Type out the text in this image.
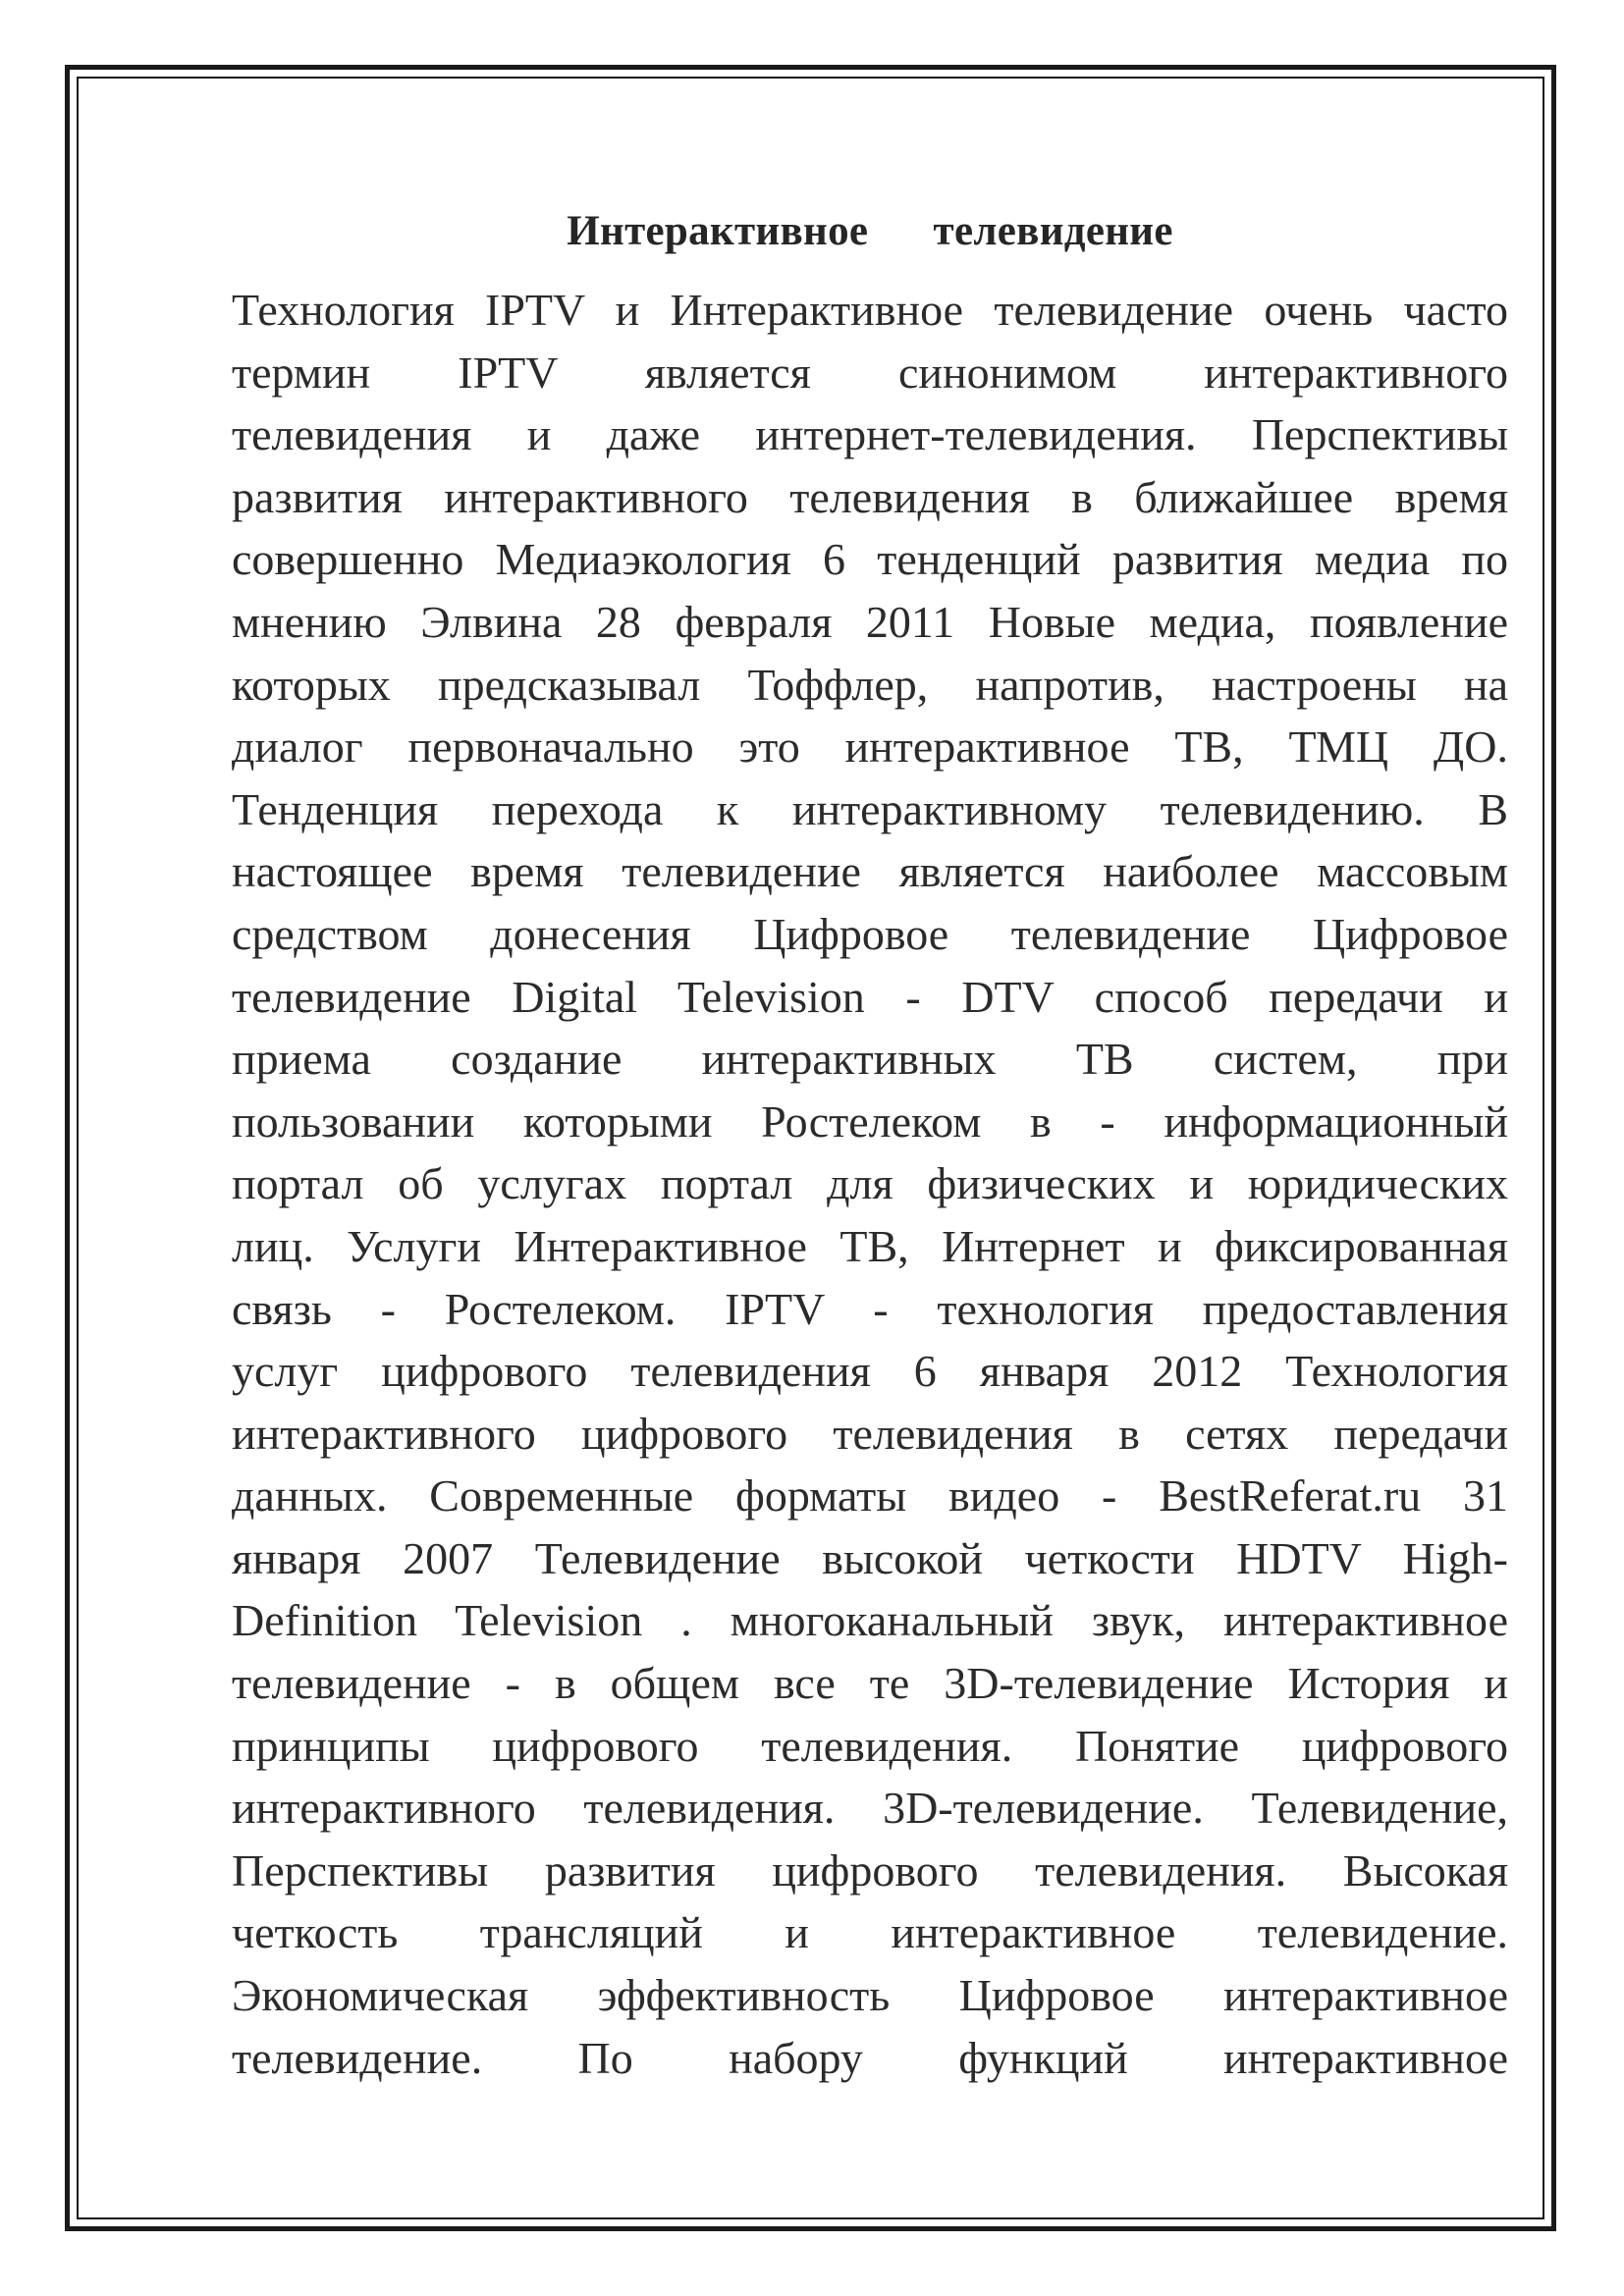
Интерактивное      телевидение
Технология IPTV и Интерактивное телевидение очень часто
термин IPTV является синонимом интерактивного
телевидения и даже интернет-телевидения. Перспективы
развития интерактивного телевидения в ближайшее время
совершенно Медиаэкология 6 тенденций развития медиа по
мнению Элвина 28 февраля 2011 Новые медиа, появление
которых предсказывал Тоффлер, напротив, настроены на
диалог первоначально это интерактивное ТВ, ТМЦ ДО.
Тенденция перехода к интерактивному телевидению. В
настоящее время телевидение является наиболее массовым
средством донесения Цифровое телевидение Цифровое
телевидение Digital Television - DTV способ передачи и
приема создание интерактивных ТВ систем, при
пользовании которыми Ростелеком в - информационный
портал об услугах портал для физических и юридических
лиц. Услуги Интерактивное ТВ, Интернет и фиксированная
связь - Ростелеком. IPTV - технология предоставления
услуг цифрового телевидения 6 января 2012 Технология
интерактивного цифрового телевидения в сетях передачи
данных. Современные форматы видео - BestReferat.ru 31
января 2007 Телевидение высокой четкости HDTV High-
Definition Television . многоканальный звук, интерактивное
телевидение - в общем все те 3D-телевидение История и
принципы цифрового телевидения. Понятие цифрового
интерактивного телевидения. 3D-телевидение. Телевидение,
Перспективы развития цифрового телевидения. Высокая
четкость трансляций и интерактивное телевидение.
Экономическая эффективность Цифровое интерактивное
телевидение. По набору функций интерактивное
